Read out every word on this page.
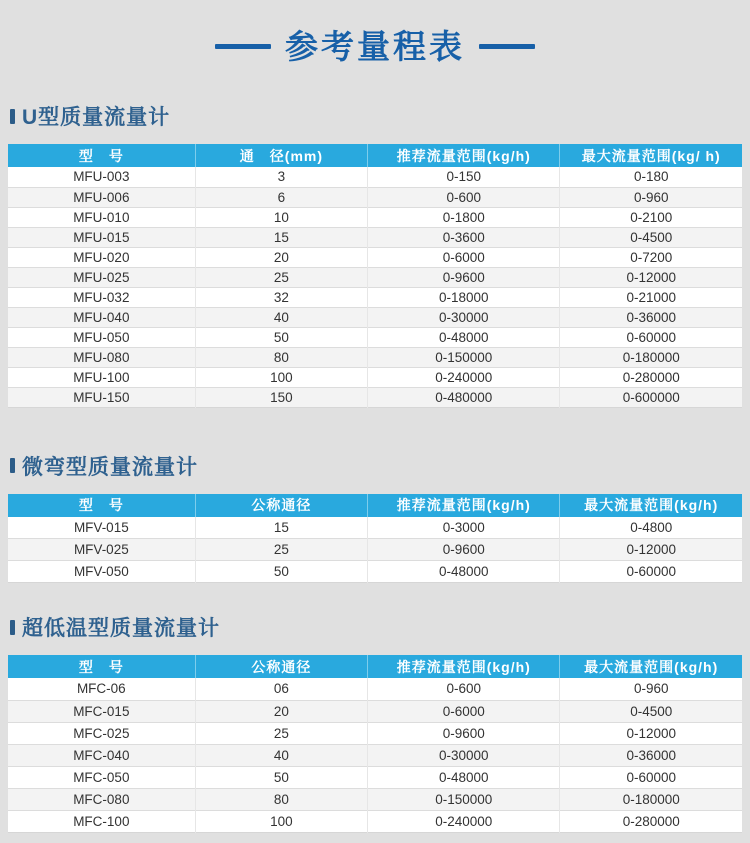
参考量程表
U型质量流量计
型　号	通　径(mm)	推荐流量范围(kg/h)	最大流量范围(kg/ h)
MFU-003	3	0-150	0-180
MFU-006	6	0-600	0-960
MFU-010	10	0-1800	0-2100
MFU-015	15	0-3600	0-4500
MFU-020	20	0-6000	0-7200
MFU-025	25	0-9600	0-12000
MFU-032	32	0-18000	0-21000
MFU-040	40	0-30000	0-36000
MFU-050	50	0-48000	0-60000
MFU-080	80	0-150000	0-180000
MFU-100	100	0-240000	0-280000
MFU-150	150	0-480000	0-600000
微弯型质量流量计
型　号	公称通径	推荐流量范围(kg/h)	最大流量范围(kg/h)
MFV-015	15	0-3000	0-4800
MFV-025	25	0-9600	0-12000
MFV-050	50	0-48000	0-60000
超低温型质量流量计
型　号	公称通径	推荐流量范围(kg/h)	最大流量范围(kg/h)
MFC-06	06	0-600	0-960
MFC-015	20	0-6000	0-4500
MFC-025	25	0-9600	0-12000
MFC-040	40	0-30000	0-36000
MFC-050	50	0-48000	0-60000
MFC-080	80	0-150000	0-180000
MFC-100	100	0-240000	0-280000
